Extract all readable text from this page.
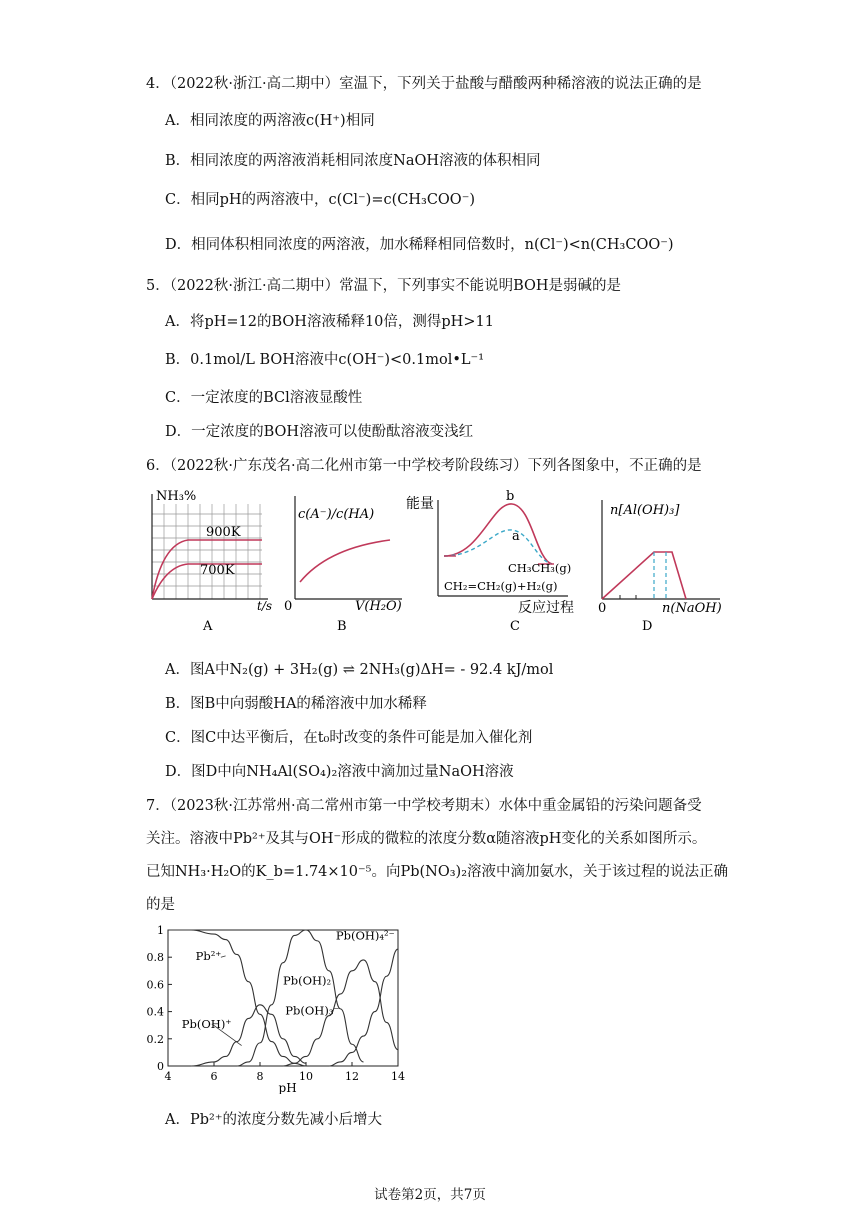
4．（2022秋·浙江·高二期中）室温下，下列关于盐酸与醋酸两种稀溶液的说法正确的是
A．相同浓度的两溶液c(H⁺)相同
B．相同浓度的两溶液消耗相同浓度NaOH溶液的体积相同
C．相同pH的两溶液中，c(Cl⁻)=c(CH₃COO⁻)
D．相同体积相同浓度的两溶液，加水稀释相同倍数时，n(Cl⁻)<n(CH₃COO⁻)
5．（2022秋·浙江·高二期中）常温下，下列事实不能说明BOH是弱碱的是
A．将pH=12的BOH溶液稀释10倍，测得pH>11
B．0.1mol/L BOH溶液中c(OH⁻)<0.1mol•L⁻¹
C．一定浓度的BCl溶液显酸性
D．一定浓度的BOH溶液可以使酚酞溶液变浅红
6．（2022秋·广东茂名·高二化州市第一中学校考阶段练习）下列各图象中，不正确的是
NH₃%
900K
700K
t/s
A
c(A⁻)/c(HA)
0	V(H₂O)
B
能量	b
a
CH₃CH₃(g)
CH₂=CH₂(g)+H₂(g)
反应过程
C
n[Al(OH)₃]
0	n(NaOH)
D
A．图A中N₂(g) + 3H₂(g) ⇌ 2NH₃(g)ΔH= - 92.4 kJ/mol
B．图B中向弱酸HA的稀溶液中加水稀释
C．图C中达平衡后，在t₀时改变的条件可能是加入催化剂
D．图D中向NH₄Al(SO₄)₂溶液中滴加过量NaOH溶液
7．（2023秋·江苏常州·高二常州市第一中学校考期末）水体中重金属铅的污染问题备受
关注。溶液中Pb²⁺及其与OH⁻形成的微粒的浓度分数α随溶液pH变化的关系如图所示。
已知NH₃·H₂O的K_b=1.74×10⁻⁵。向Pb(NO₃)₂溶液中滴加氨水，关于该过程的说法正确
的是
0
0.2
0.4
0.6
0.8
1
4	6	8	10	12	14
pH
Pb²⁺
Pb(OH)⁺
Pb(OH)₂
Pb(OH)₃⁻
Pb(OH)₄²⁻
A．Pb²⁺的浓度分数先减小后增大
试卷第2页，共7页
